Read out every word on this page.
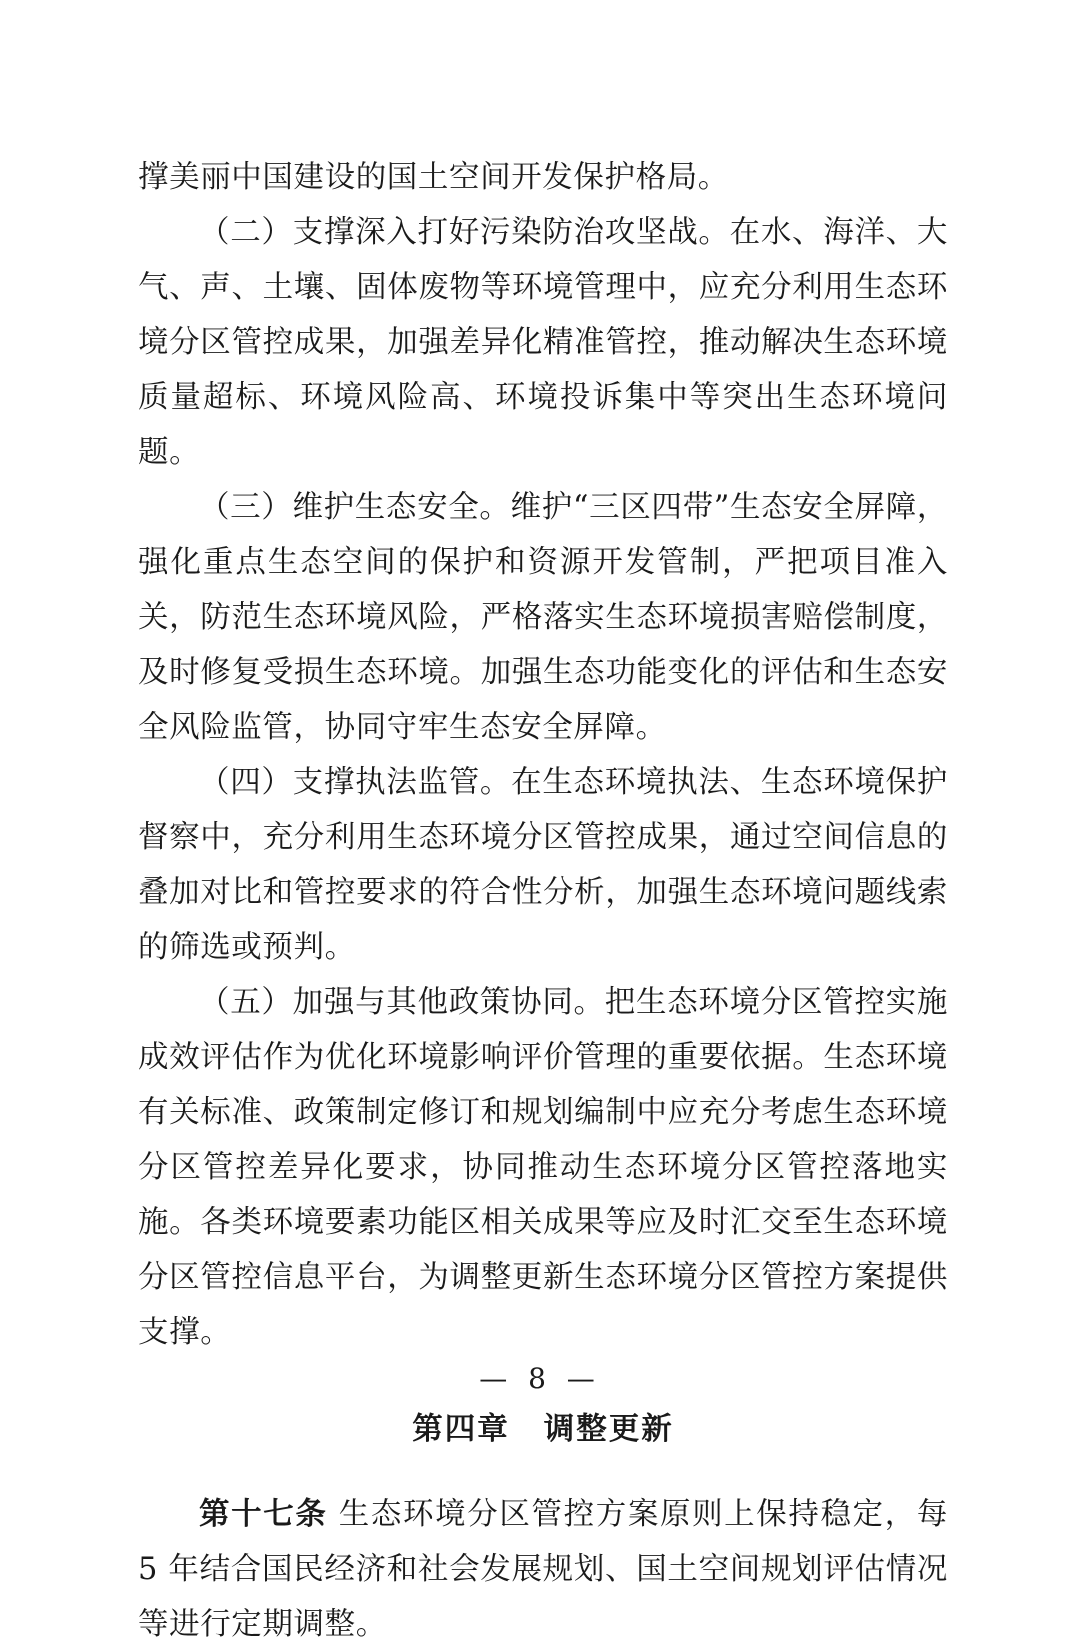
撑美丽中国建设的国土空间开发保护格局。

（二）支撑深入打好污染防治攻坚战。在水、海洋、大气、声、土壤、固体废物等环境管理中，应充分利用生态环境分区管控成果，加强差异化精准管控，推动解决生态环境质量超标、环境风险高、环境投诉集中等突出生态环境问题。

（三）维护生态安全。维护“三区四带”生态安全屏障，强化重点生态空间的保护和资源开发管制，严把项目准入关，防范生态环境风险，严格落实生态环境损害赔偿制度，及时修复受损生态环境。加强生态功能变化的评估和生态安全风险监管，协同守牢生态安全屏障。

（四）支撑执法监管。在生态环境执法、生态环境保护督察中，充分利用生态环境分区管控成果，通过空间信息的叠加对比和管控要求的符合性分析，加强生态环境问题线索的筛选或预判。

（五）加强与其他政策协同。把生态环境分区管控实施成效评估作为优化环境影响评价管理的重要依据。生态环境有关标准、政策制定修订和规划编制中应充分考虑生态环境分区管控差异化要求，协同推动生态环境分区管控落地实施。各类环境要素功能区相关成果等应及时汇交至生态环境分区管控信息平台，为调整更新生态环境分区管控方案提供支撑。

第四章 调整更新

第十七条 生态环境分区管控方案原则上保持稳定，每 5 年结合国民经济和社会发展规划、国土空间规划评估情况等进行定期调整。

— 8 —
